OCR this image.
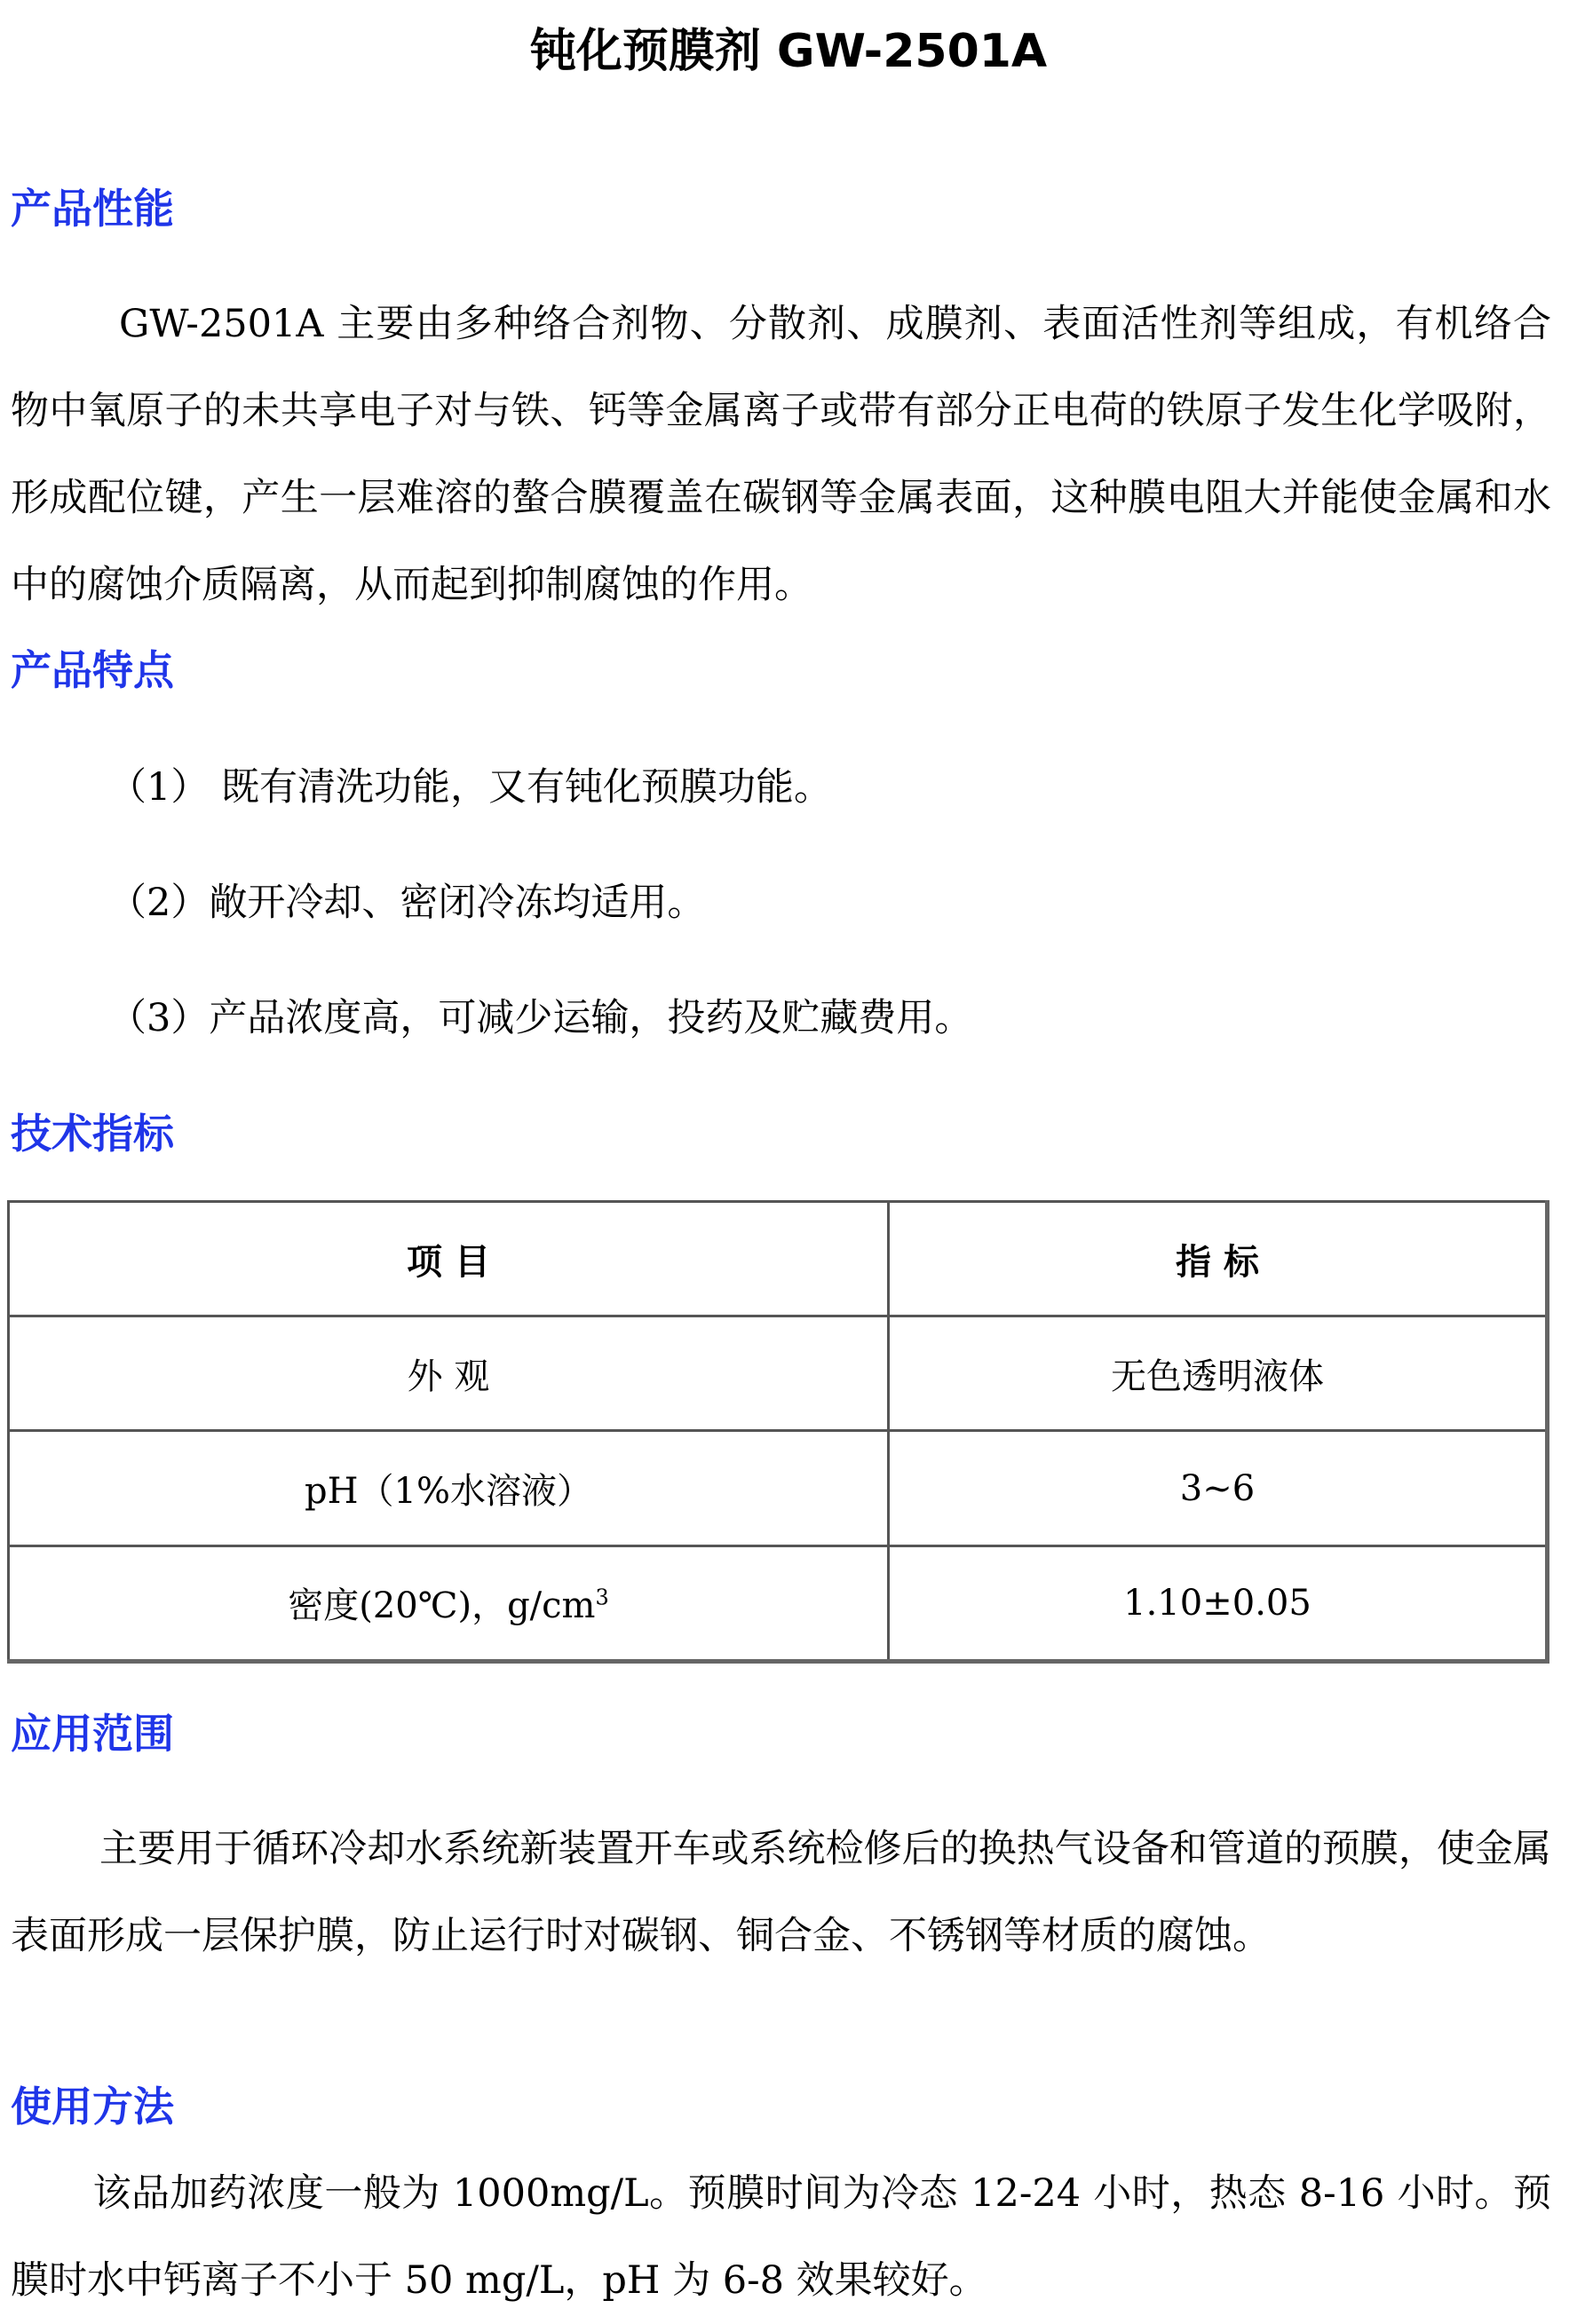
钝化预膜剂 GW-2501A
产品性能
GW-2501A 主要由多种络合剂物、分散剂、成膜剂、表面活性剂等组成，有机络合物中氧原子的未共享电子对与铁、钙等金属离子或带有部分正电荷的铁原子发生化学吸附，形成配位键，产生一层难溶的螯合膜覆盖在碳钢等金属表面，这种膜电阻大并能使金属和水中的腐蚀介质隔离，从而起到抑制腐蚀的作用。
产品特点
（1） 既有清洗功能，又有钝化预膜功能。
（2）敞开冷却、密闭冷冻均适用。
（3）产品浓度高，可减少运输，投药及贮藏费用。
技术指标
项 目	指 标
外 观	无色透明液体
pH（1%水溶液）	3~6
密度(20℃)，$g/cm^3$	1.10±0.05
应用范围
主要用于循环冷却水系统新装置开车或系统检修后的换热气设备和管道的预膜，使金属表面形成一层保护膜，防止运行时对碳钢、铜合金、不锈钢等材质的腐蚀。
使用方法
该品加药浓度一般为 1000mg/L。预膜时间为冷态 12-24 小时，热态 8-16 小时。预膜时水中钙离子不小于 50 mg/L，pH 为 6-8 效果较好。
